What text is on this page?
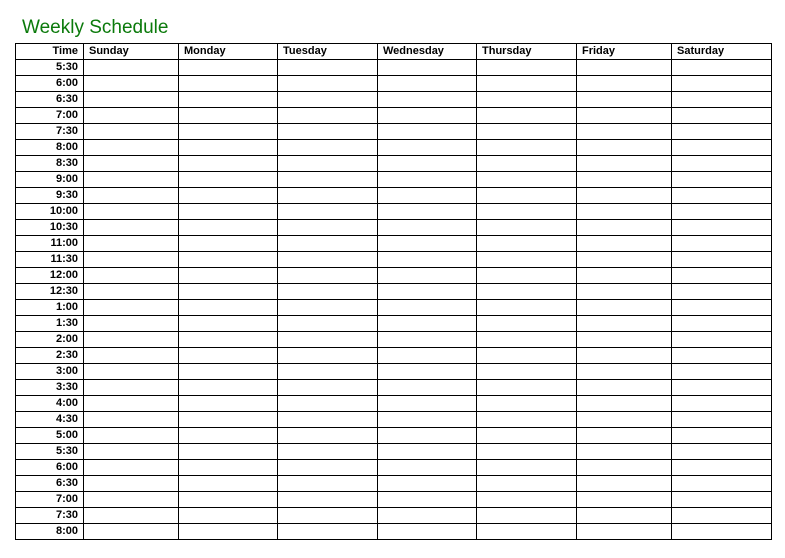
Weekly Schedule
Time	Sunday	Monday	Tuesday	Wednesday	Thursday	Friday	Saturday
5:30							
6:00							
6:30							
7:00							
7:30							
8:00							
8:30							
9:00							
9:30							
10:00							
10:30							
11:00							
11:30							
12:00							
12:30							
1:00							
1:30							
2:00							
2:30							
3:00							
3:30							
4:00							
4:30							
5:00							
5:30							
6:00							
6:30							
7:00							
7:30							
8:00							
